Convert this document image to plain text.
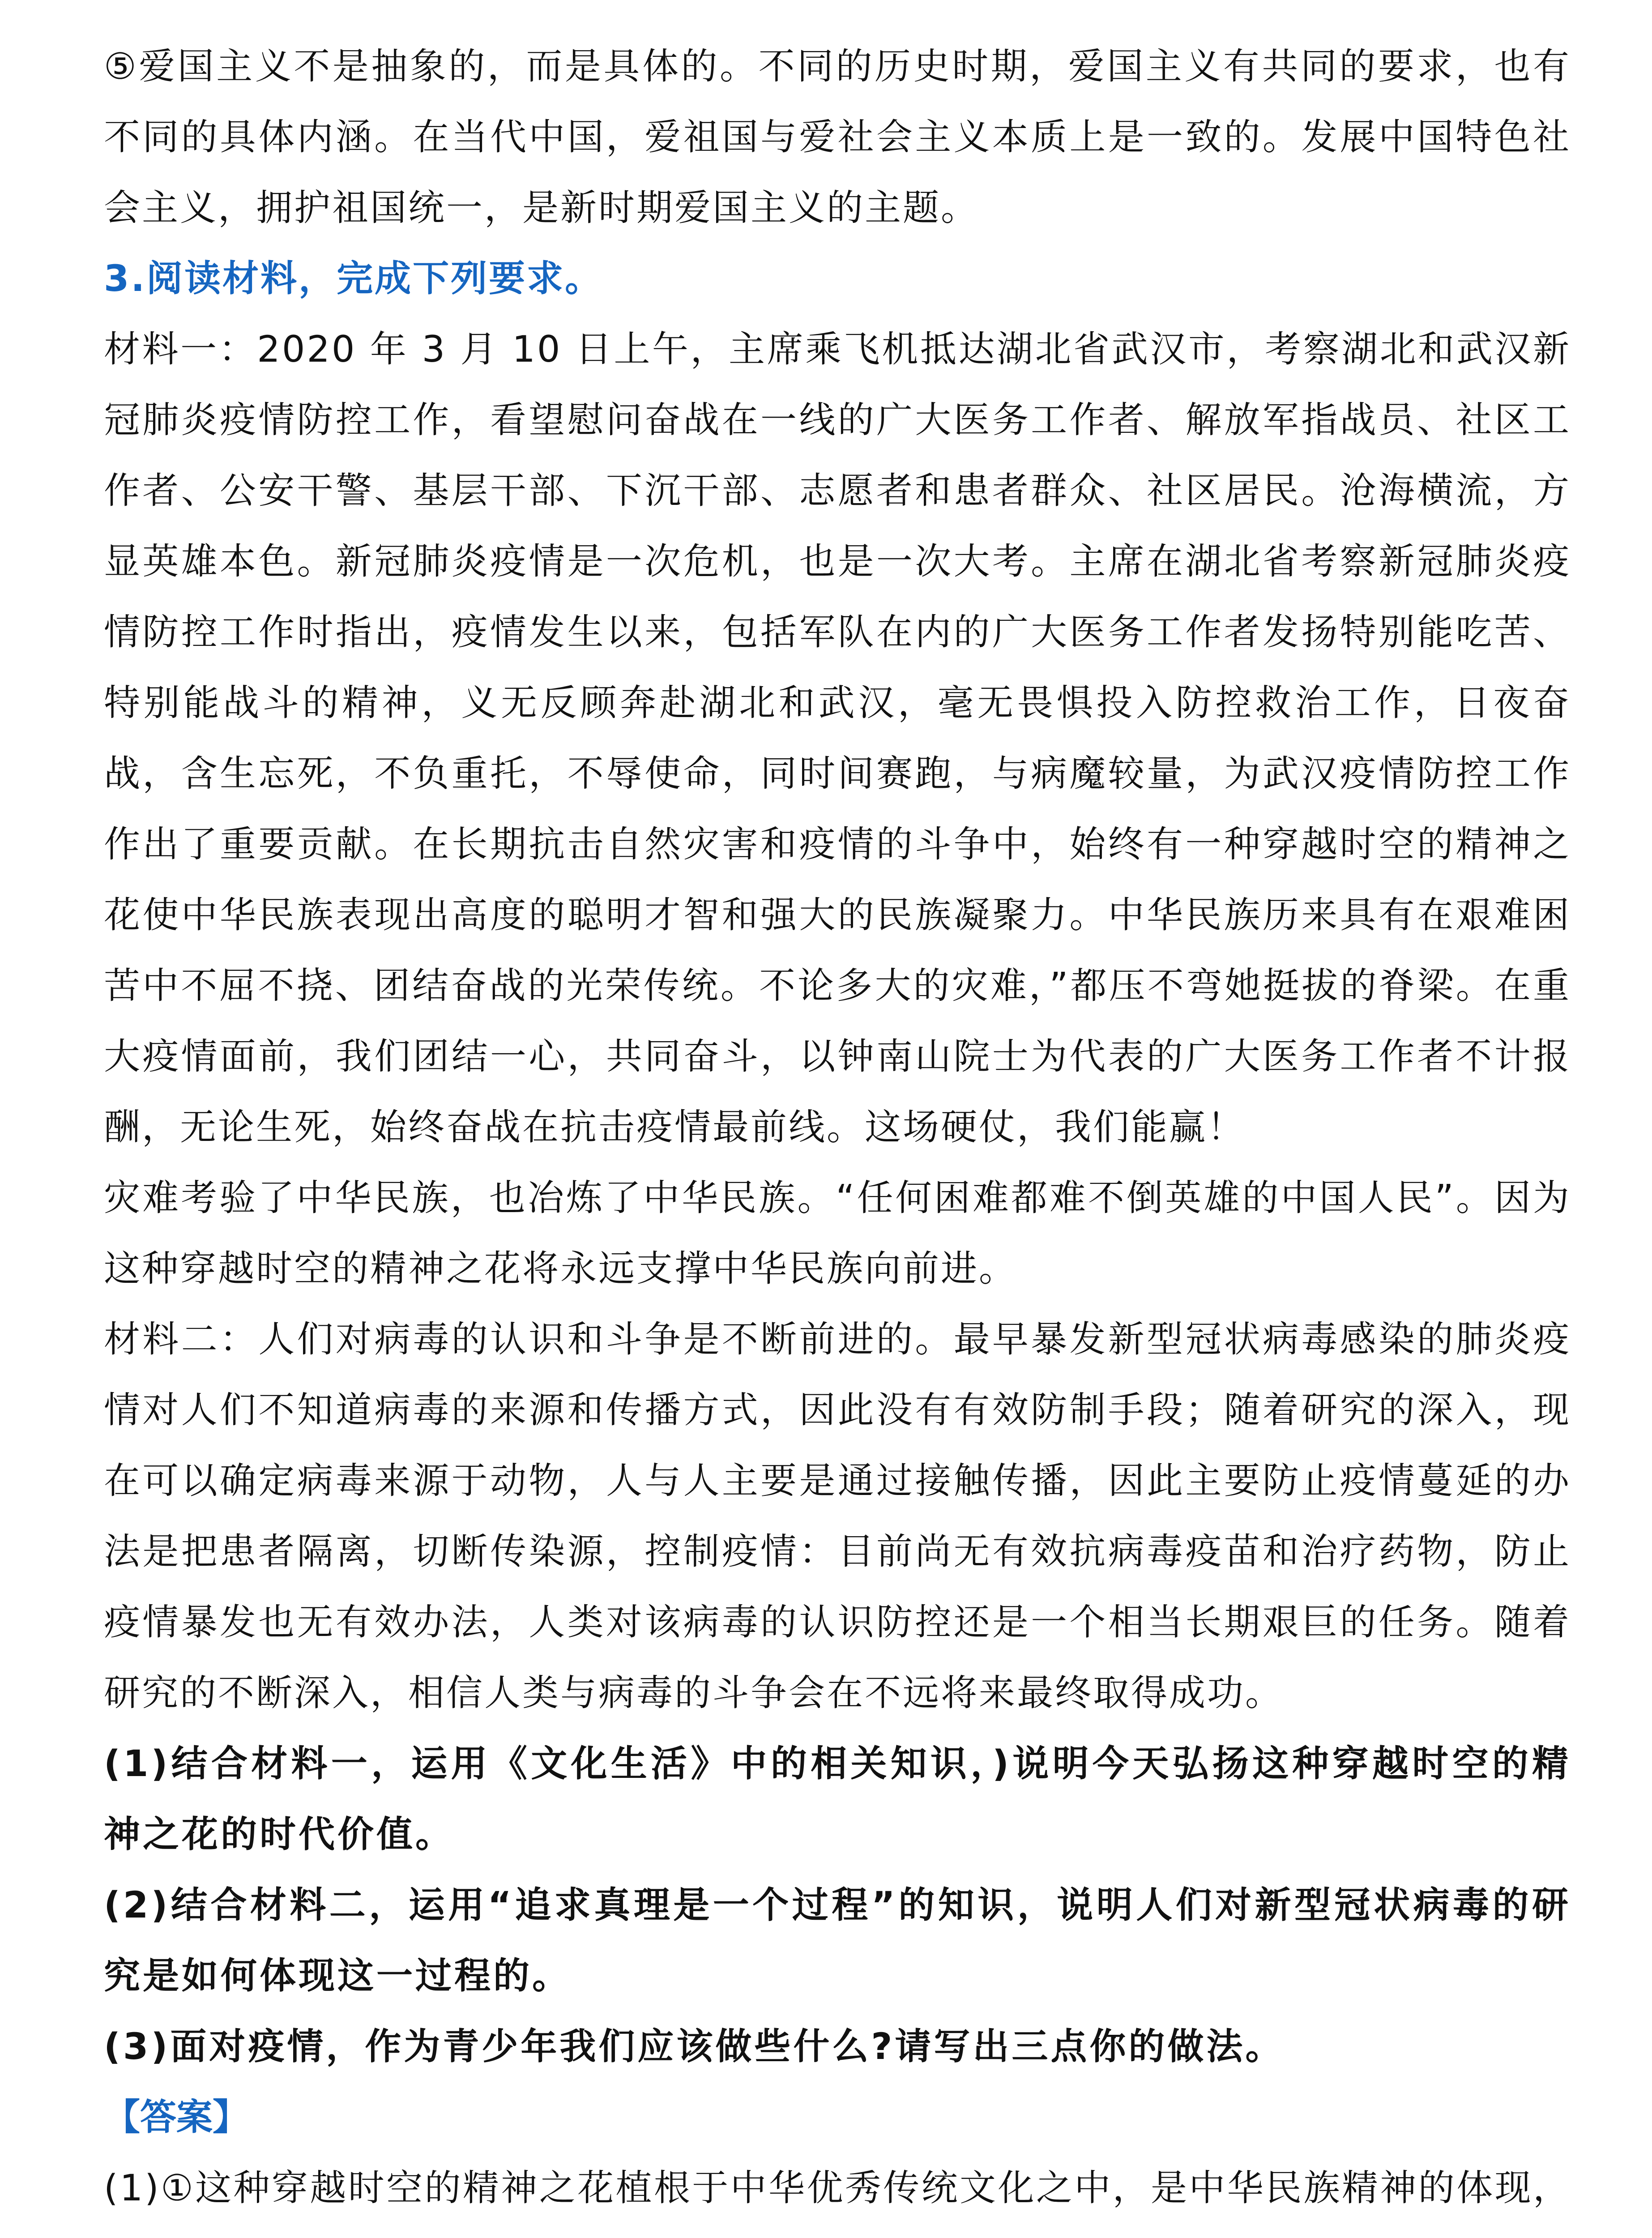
⑤爱国主义不是抽象的，而是具体的。不同的历史时期，爱国主义有共同的要求，也有不同的具体内涵。在当代中国，爱祖国与爱社会主义本质上是一致的。发展中国特色社会主义，拥护祖国统一，是新时期爱国主义的主题。

3.阅读材料，完成下列要求。

材料一：2020 年 3 月 10 日上午，主席乘飞机抵达湖北省武汉市，考察湖北和武汉新冠肺炎疫情防控工作，看望慰问奋战在一线的广大医务工作者、解放军指战员、社区工作者、公安干警、基层干部、下沉干部、志愿者和患者群众、社区居民。沧海横流，方显英雄本色。新冠肺炎疫情是一次危机，也是一次大考。主席在湖北省考察新冠肺炎疫情防控工作时指出，疫情发生以来，包括军队在内的广大医务工作者发扬特别能吃苦、特别能战斗的精神，义无反顾奔赴湖北和武汉，毫无畏惧投入防控救治工作，日夜奋战，含生忘死，不负重托，不辱使命，同时间赛跑，与病魔较量，为武汉疫情防控工作作出了重要贡献。在长期抗击自然灾害和疫情的斗争中，始终有一种穿越时空的精神之花使中华民族表现出高度的聪明才智和强大的民族凝聚力。中华民族历来具有在艰难困苦中不屈不挠、团结奋战的光荣传统。不论多大的灾难，”都压不弯她挺拔的脊梁。在重大疫情面前，我们团结一心，共同奋斗，以钟南山院士为代表的广大医务工作者不计报酬，无论生死，始终奋战在抗击疫情最前线。这场硬仗，我们能赢！

灾难考验了中华民族，也冶炼了中华民族。“任何困难都难不倒英雄的中国人民”。因为这种穿越时空的精神之花将永远支撑中华民族向前进。

材料二：人们对病毒的认识和斗争是不断前进的。最早暴发新型冠状病毒感染的肺炎疫情对人们不知道病毒的来源和传播方式，因此没有有效防制手段；随着研究的深入，现在可以确定病毒来源于动物，人与人主要是通过接触传播，因此主要防止疫情蔓延的办法是把患者隔离，切断传染源，控制疫情：目前尚无有效抗病毒疫苗和治疗药物，防止疫情暴发也无有效办法，人类对该病毒的认识防控还是一个相当长期艰巨的任务。随着研究的不断深入，相信人类与病毒的斗争会在不远将来最终取得成功。

(1)结合材料一，运用《文化生活》中的相关知识，)说明今天弘扬这种穿越时空的精神之花的时代价值。

(2)结合材料二，运用“追求真理是一个过程”的知识，说明人们对新型冠状病毒的研究是如何体现这一过程的。

(3)面对疫情，作为青少年我们应该做些什么?请写出三点你的做法。

【答案】

(1)①这种穿越时空的精神之花植根于中华优秀传统文化之中，是中华民族精神的体现，
